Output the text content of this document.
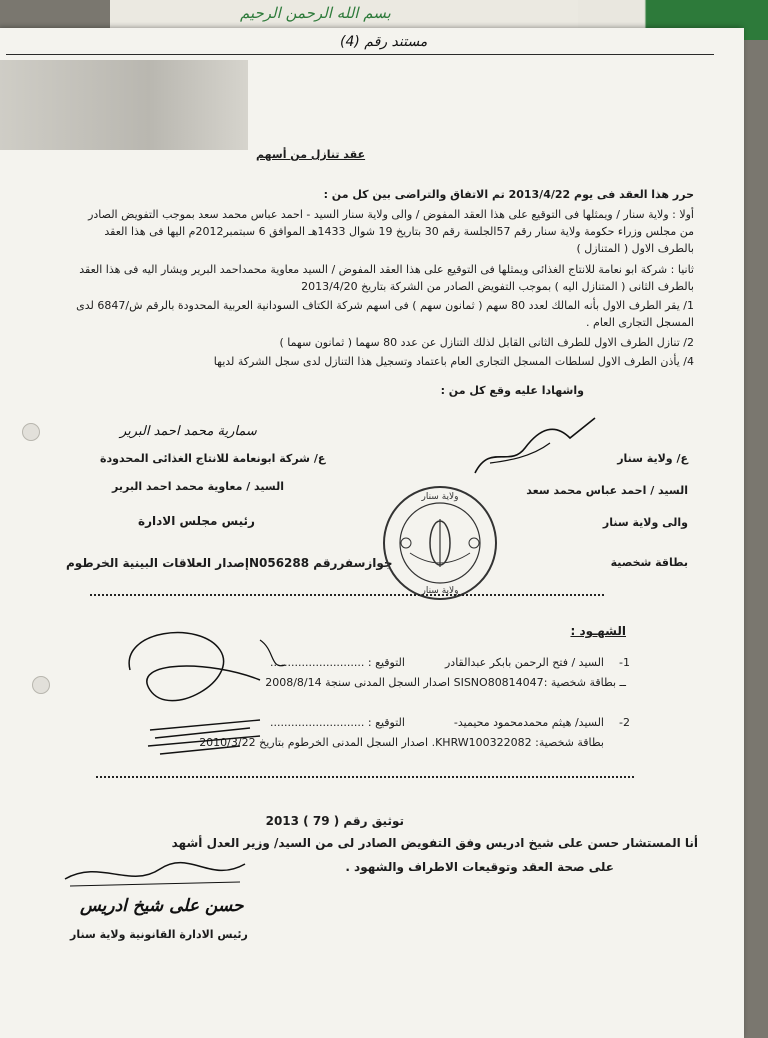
بسم الله الرحمن الرحيم
مستند رقم (4)
عقد تنازل من أسهم
حرر هذا العقد فى يوم 2013/4/22 تم الاتفاق والتراضى بين كل من :
أولا : ولاية سنار / ويمثلها فى التوقيع على هذا العقد المفوض / والى ولاية سنار السيد - احمد عباس محمد سعد بموجب التفويض الصادر
من مجلس وزراء حكومة ولاية سنار رقم 57الجلسة رقم 30 بتاريخ 19 شوال 1433هـ الموافق 6 سبتمبر2012م اليها فى هذا العقد
بالطرف الاول ( المتنازل )
ثانيا : شركة ابو نعامة للانتاج الغذائى ويمثلها فى التوقيع على هذا العقد المفوض / السيد معاوية محمداحمد البرير ويشار اليه فى هذا العقد
بالطرف الثانى ( المتنازل اليه ) بموجب التفويض الصادر من الشركة بتاريخ 2013/4/20
1/ يقر الطرف الاول بأنه المالك لعدد 80 سهم ( ثمانون سهم ) فى اسهم شركة الكتاف السودانية العربية المحدودة بالرقم ش/6847 لدى
المسجل التجارى العام .
2/ تنازل الطرف الاول للطرف الثانى القابل لذلك التنازل عن عدد 80 سهما ( ثمانون سهما )
4/ يأذن الطرف الاول لسلطات المسجل التجارى العام باعتماد وتسجيل هذا التنازل لدى سجل الشركة لديها
واشهادا عليه وقع كل من :
سمارية محمد احمد البرير
ع/ شركة ابونعامة للانتاج الغذائى المحدودة
السيد / معاوية محمد احمد البرير
رئيس مجلس الادارة
جوازسفررقم N056288إصدار العلاقات البينية الخرطوم
ع/ ولاية سنار
السيد / احمد عباس محمد سعد
والى ولاية سنار
بطاقة شخصية
ولاية سنار
ولاية سنار
الشهـود :
1-
السيد / فتح الرحمن بابكر عبدالقادر
التوقيع : ...........................
ــ بطاقة شخصية :SISNO80814047 اصدار السجل المدنى سنجة 2008/8/14
2-
السيد/ هيثم محمدمحمود محيميد-
التوقيع : ...........................
بطاقة شخصية: KHRW100322082. اصدار السجل المدنى الخرطوم بتاريخ 2010/3/22
توثيق رقم ( 79 ) 2013
أنا المستشار حسن على شيخ ادريس وفق التفويض الصادر لى من السيد/ وزير العدل أشهد
على صحة العقد وتوقيعات الاطراف والشهود .
حسن على شيخ ادريس
رئيس الادارة القانونية ولاية سنار
